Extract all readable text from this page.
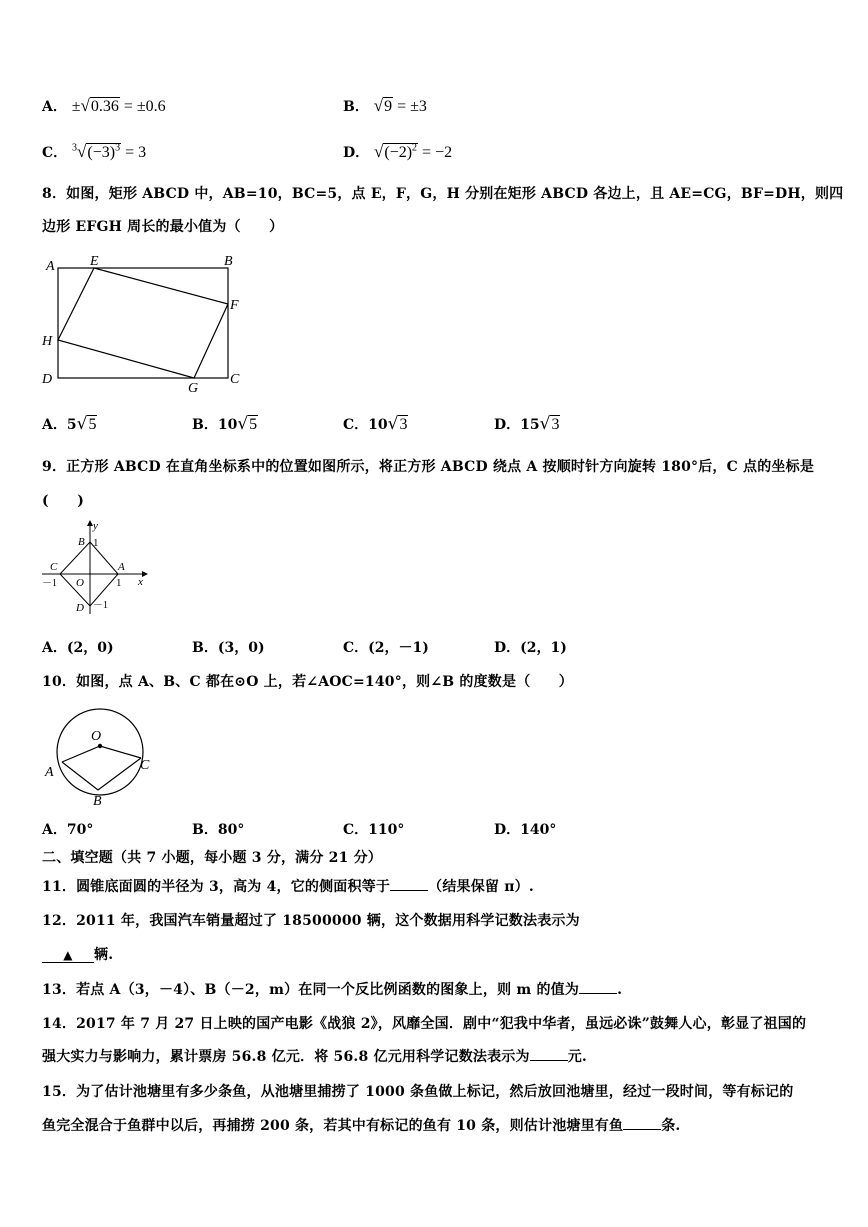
A． ±√0.36 = ±0.6	B． √9 = ±3
C． $^3√(-3)^3 = 3$	D． $√(-2)^2 = -2$
8．如图，矩形 ABCD 中，AB=10，BC=5，点 E，F，G，H 分别在矩形 ABCD 各边上，且 AE=CG，BF=DH，则四
边形 EFGH 周长的最小值为（　　）
A	E	B
F
H
D
G
C
A．5√5	B．10√5	C．10√3	D．15√3
9．正方形 ABCD 在直角坐标系中的位置如图所示，将正方形 ABCD 绕点 A 按顺时针方向旋转 180°后，C 点的坐标是
(　　)
y
B 1
C	A
－1 O	1 x
D －1
A．(2，0)	B．(3，0)	C．(2，－1)	D．(2，1)
10．如图，点 A、B、C 都在⊙O 上，若∠AOC=140°，则∠B 的度数是（　　）
O
A	C
B
A．70°	B．80°	C．110°	D．140°
二、填空题（共 7 小题，每小题 3 分，满分 21 分）
11．圆锥底面圆的半径为 3，高为 4，它的侧面积等于	（结果保留 π）.
12．2011 年，我国汽车销量超过了 18500000 辆，这个数据用科学记数法表示为
▲ 辆.
13．若点 A（3，－4）、B（－2，m）在同一个反比例函数的图象上，则 m 的值为	.
14．2017 年 7 月 27 日上映的国产电影《战狼 2》，风靡全国．剧中“犯我中华者，虽远必诛”鼓舞人心，彰显了祖国的
强大实力与影响力，累计票房 56.8 亿元．将 56.8 亿元用科学记数法表示为	元.
15．为了估计池塘里有多少条鱼，从池塘里捕捞了 1000 条鱼做上标记，然后放回池塘里，经过一段时间，等有标记的
鱼完全混合于鱼群中以后，再捕捞 200 条，若其中有标记的鱼有 10 条，则估计池塘里有鱼	条.
